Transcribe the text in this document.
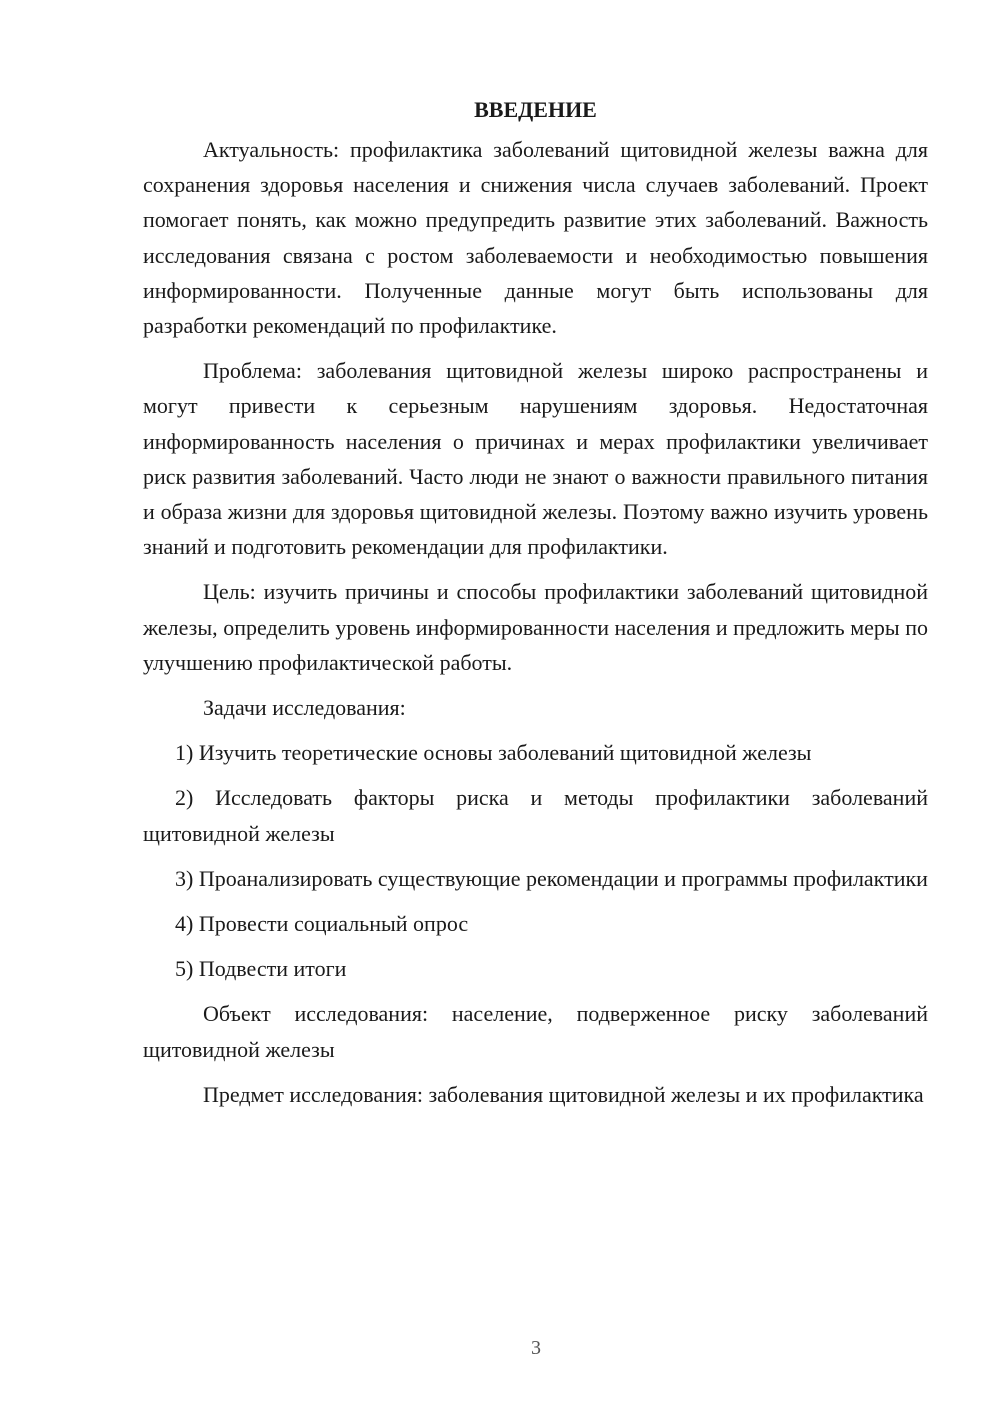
ВВЕДЕНИЕ

Актуальность: профилактика заболеваний щитовидной железы важна для сохранения здоровья населения и снижения числа случаев заболеваний. Проект помогает понять, как можно предупредить развитие этих заболеваний. Важность исследования связана с ростом заболеваемости и необходимостью повышения информированности. Полученные данные могут быть использованы для разработки рекомендаций по профилактике.

Проблема: заболевания щитовидной железы широко распространены и могут привести к серьезным нарушениям здоровья. Недостаточная информированность населения о причинах и мерах профилактики увеличивает риск развития заболеваний. Часто люди не знают о важности правильного питания и образа жизни для здоровья щитовидной железы. Поэтому важно изучить уровень знаний и подготовить рекомендации для профилактики.

Цель: изучить причины и способы профилактики заболеваний щитовидной железы, определить уровень информированности населения и предложить меры по улучшению профилактической работы.

Задачи исследования:

1) Изучить теоретические основы заболеваний щитовидной железы

2) Исследовать факторы риска и методы профилактики заболеваний щитовидной железы

3) Проанализировать существующие рекомендации и программы профилактики

4) Провести социальный опрос

5) Подвести итоги

Объект исследования: население, подверженное риску заболеваний щитовидной железы

Предмет исследования: заболевания щитовидной железы и их профилактика

3
